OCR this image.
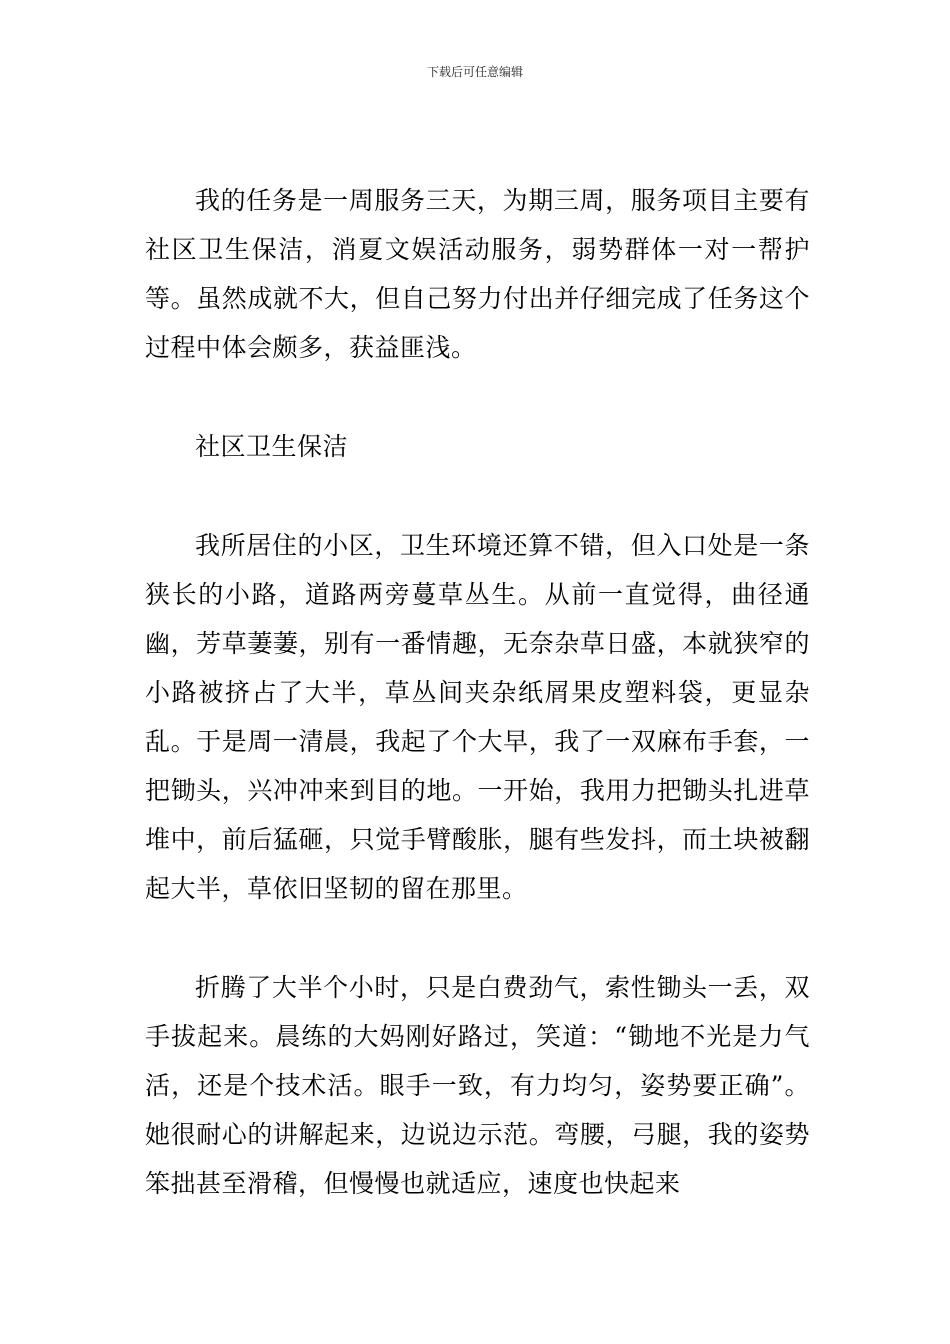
下载后可任意编辑

我的任务是一周服务三天，为期三周，服务项目主要有社区卫生保洁，消夏文娱活动服务，弱势群体一对一帮护等。虽然成就不大，但自己努力付出并仔细完成了任务这个过程中体会颇多，获益匪浅。

社区卫生保洁

我所居住的小区，卫生环境还算不错，但入口处是一条狭长的小路，道路两旁蔓草丛生。从前一直觉得，曲径通幽，芳草萋萋，别有一番情趣，无奈杂草日盛，本就狭窄的小路被挤占了大半，草丛间夹杂纸屑果皮塑料袋，更显杂乱。于是周一清晨，我起了个大早，我了一双麻布手套，一把锄头，兴冲冲来到目的地。一开始，我用力把锄头扎进草堆中，前后猛砸，只觉手臂酸胀，腿有些发抖，而土块被翻起大半，草依旧坚韧的留在那里。

折腾了大半个小时，只是白费劲气，索性锄头一丢，双手拔起来。晨练的大妈刚好路过，笑道：“锄地不光是力气活，还是个技术活。眼手一致，有力均匀，姿势要正确”。她很耐心的讲解起来，边说边示范。弯腰，弓腿，我的姿势笨拙甚至滑稽，但慢慢也就适应，速度也快起来
